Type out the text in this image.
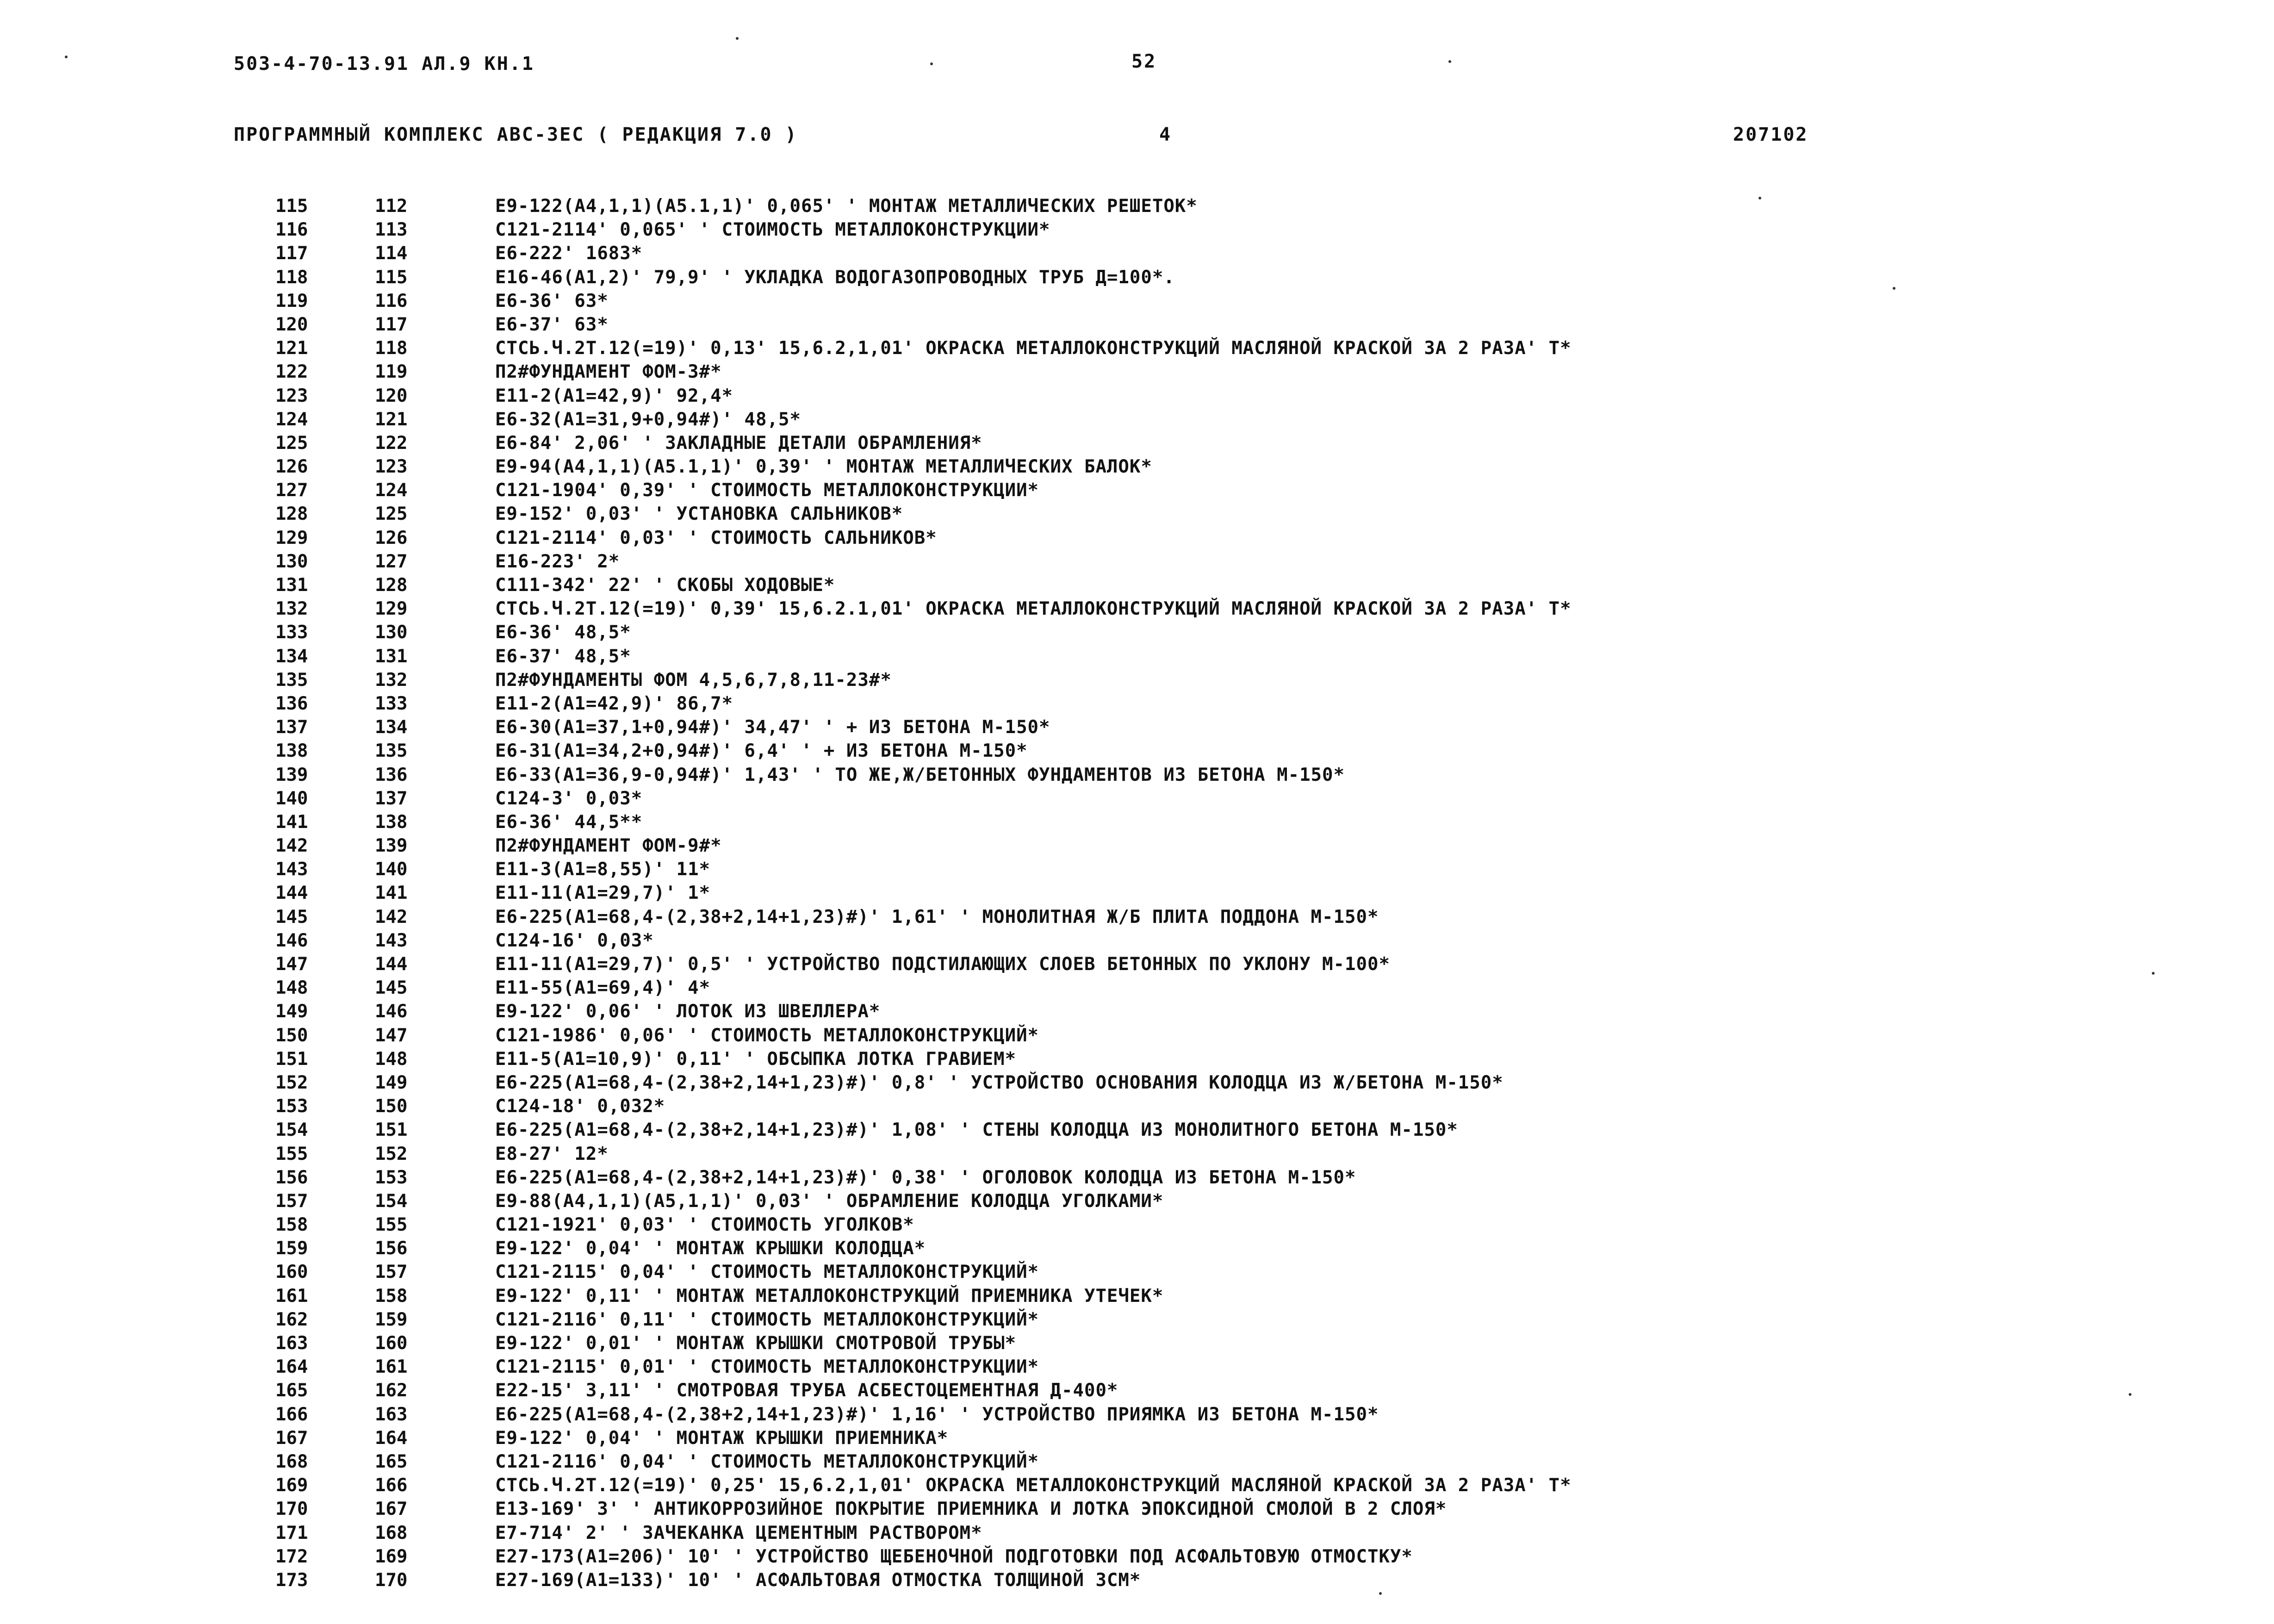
503-4-70-13.91 АЛ.9 КН.1	52
ПРОГРАММНЫЙ КОМПЛЕКС АВС-3ЕС ( РЕДАКЦИЯ 7.0 )	4	207102
115	112	Е9-122(А4,1,1)(А5.1,1)' 0,065' ' МОНТАЖ МЕТАЛЛИЧЕСКИХ РЕШЕТОК*
116	113	С121-2114' 0,065' ' СТОИМОСТЬ МЕТАЛЛОКОНСТРУКЦИИ*
117	114	Е6-222' 1683*
118	115	Е16-46(А1,2)' 79,9' ' УКЛАДКА ВОДОГАЗОПРОВОДНЫХ ТРУБ Д=100*.
119	116	Е6-36' 63*
120	117	Е6-37' 63*
121	118	СТСЬ.Ч.2Т.12(=19)' 0,13' 15,6.2,1,01' ОКРАСКА МЕТАЛЛОКОНСТРУКЦИЙ МАСЛЯНОЙ КРАСКОЙ ЗА 2 РАЗА' Т*
122	119	П2#ФУНДАМЕНТ ФОМ-3#*
123	120	Е11-2(А1=42,9)' 92,4*
124	121	Е6-32(А1=31,9+0,94#)' 48,5*
125	122	Е6-84' 2,06' ' ЗАКЛАДНЫЕ ДЕТАЛИ ОБРАМЛЕНИЯ*
126	123	Е9-94(А4,1,1)(А5.1,1)' 0,39' ' МОНТАЖ МЕТАЛЛИЧЕСКИХ БАЛОК*
127	124	С121-1904' 0,39' ' СТОИМОСТЬ МЕТАЛЛОКОНСТРУКЦИИ*
128	125	Е9-152' 0,03' ' УСТАНОВКА САЛЬНИКОВ*
129	126	С121-2114' 0,03' ' СТОИМОСТЬ САЛЬНИКОВ*
130	127	Е16-223' 2*
131	128	С111-342' 22' ' СКОБЫ ХОДОВЫЕ*
132	129	СТСЬ.Ч.2Т.12(=19)' 0,39' 15,6.2.1,01' ОКРАСКА МЕТАЛЛОКОНСТРУКЦИЙ МАСЛЯНОЙ КРАСКОЙ ЗА 2 РАЗА' Т*
133	130	Е6-36' 48,5*
134	131	Е6-37' 48,5*
135	132	П2#ФУНДАМЕНТЫ ФОМ 4,5,6,7,8,11-23#*
136	133	Е11-2(А1=42,9)' 86,7*
137	134	Е6-30(А1=37,1+0,94#)' 34,47' ' + ИЗ БЕТОНА М-150*
138	135	Е6-31(А1=34,2+0,94#)' 6,4' ' + ИЗ БЕТОНА М-150*
139	136	Е6-33(А1=36,9-0,94#)' 1,43' ' ТО ЖЕ,Ж/БЕТОННЫХ ФУНДАМЕНТОВ ИЗ БЕТОНА М-150*
140	137	С124-3' 0,03*
141	138	Е6-36' 44,5**
142	139	П2#ФУНДАМЕНТ ФОМ-9#*
143	140	Е11-3(А1=8,55)' 11*
144	141	Е11-11(А1=29,7)' 1*
145	142	Е6-225(А1=68,4-(2,38+2,14+1,23)#)' 1,61' ' МОНОЛИТНАЯ Ж/Б ПЛИТА ПОДДОНА М-150*
146	143	С124-16' 0,03*
147	144	Е11-11(А1=29,7)' 0,5' ' УСТРОЙСТВО ПОДСТИЛАЮЩИХ СЛОЕВ БЕТОННЫХ ПО УКЛОНУ М-100*
148	145	Е11-55(А1=69,4)' 4*
149	146	Е9-122' 0,06' ' ЛОТОК ИЗ ШВЕЛЛЕРА*
150	147	С121-1986' 0,06' ' СТОИМОСТЬ МЕТАЛЛОКОНСТРУКЦИЙ*
151	148	Е11-5(А1=10,9)' 0,11' ' ОБСЫПКА ЛОТКА ГРАВИЕМ*
152	149	Е6-225(А1=68,4-(2,38+2,14+1,23)#)' 0,8' ' УСТРОЙСТВО ОСНОВАНИЯ КОЛОДЦА ИЗ Ж/БЕТОНА М-150*
153	150	С124-18' 0,032*
154	151	Е6-225(А1=68,4-(2,38+2,14+1,23)#)' 1,08' ' СТЕНЫ КОЛОДЦА ИЗ МОНОЛИТНОГО БЕТОНА М-150*
155	152	Е8-27' 12*
156	153	Е6-225(А1=68,4-(2,38+2,14+1,23)#)' 0,38' ' ОГОЛОВОК КОЛОДЦА ИЗ БЕТОНА М-150*
157	154	Е9-88(А4,1,1)(А5,1,1)' 0,03' ' ОБРАМЛЕНИЕ КОЛОДЦА УГОЛКАМИ*
158	155	С121-1921' 0,03' ' СТОИМОСТЬ УГОЛКОВ*
159	156	Е9-122' 0,04' ' МОНТАЖ КРЫШКИ КОЛОДЦА*
160	157	С121-2115' 0,04' ' СТОИМОСТЬ МЕТАЛЛОКОНСТРУКЦИЙ*
161	158	Е9-122' 0,11' ' МОНТАЖ МЕТАЛЛОКОНСТРУКЦИЙ ПРИЕМНИКА УТЕЧЕК*
162	159	С121-2116' 0,11' ' СТОИМОСТЬ МЕТАЛЛОКОНСТРУКЦИЙ*
163	160	Е9-122' 0,01' ' МОНТАЖ КРЫШКИ СМОТРОВОЙ ТРУБЫ*
164	161	С121-2115' 0,01' ' СТОИМОСТЬ МЕТАЛЛОКОНСТРУКЦИИ*
165	162	Е22-15' 3,11' ' СМОТРОВАЯ ТРУБА АСБЕСТОЦЕМЕНТНАЯ Д-400*
166	163	Е6-225(А1=68,4-(2,38+2,14+1,23)#)' 1,16' ' УСТРОЙСТВО ПРИЯМКА ИЗ БЕТОНА М-150*
167	164	Е9-122' 0,04' ' МОНТАЖ КРЫШКИ ПРИЕМНИКА*
168	165	С121-2116' 0,04' ' СТОИМОСТЬ МЕТАЛЛОКОНСТРУКЦИЙ*
169	166	СТСЬ.Ч.2Т.12(=19)' 0,25' 15,6.2,1,01' ОКРАСКА МЕТАЛЛОКОНСТРУКЦИЙ МАСЛЯНОЙ КРАСКОЙ ЗА 2 РАЗА' Т*
170	167	Е13-169' 3' ' АНТИКОРРОЗИЙНОЕ ПОКРЫТИЕ ПРИЕМНИКА И ЛОТКА ЭПОКСИДНОЙ СМОЛОЙ В 2 СЛОЯ*
171	168	Е7-714' 2' ' ЗАЧЕКАНКА ЦЕМЕНТНЫМ РАСТВОРОМ*
172	169	Е27-173(А1=206)' 10' ' УСТРОЙСТВО ЩЕБЕНОЧНОЙ ПОДГОТОВКИ ПОД АСФАЛЬТОВУЮ ОТМОСТКУ*
173	170	Е27-169(А1=133)' 10' ' АСФАЛЬТОВАЯ ОТМОСТКА ТОЛЩИНОЙ 3СМ*
